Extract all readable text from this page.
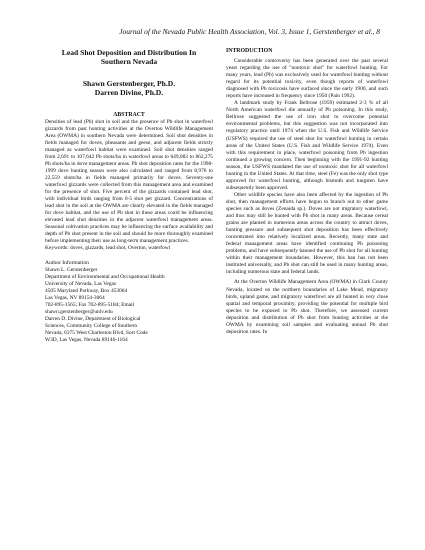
Journal of the Nevada Public Health Association, Vol. 3, Issue 1, Gerstenberger et al., 8
Lead Shot Deposition and Distribution In
Southern Nevada
Shawn Gerstenberger, Ph.D.
Darren Divine, Ph.D.
ABSTRACT

Densities of lead (Pb) shot in soil and the presence of Pb shot in waterfowl gizzards from past hunting activities at the Overton Wildlife Management Area (OWMA) in southern Nevada were determined. Soil shot densities in fields managed for doves, pheasants and geese, and adjacent fields strictly managed as waterfowl habitat were examined. Soil shot densities ranged from 2,691 to 107,642 Pb shots/ha in waterfowl areas to 649,083 to 862,275 Pb shots/ha in dove management areas. Pb shot deposition rates for the 1998-1999 dove hunting season were also calculated and ranged from 8,970 to 22,559 shots/ha in fields managed primarily for doves. Seventy-one waterfowl gizzards were collected from this management area and examined for the presence of shot. Five percent of the gizzards contained lead shot, with individual birds ranging from 0-5 shot per gizzard. Concentrations of lead shot in the soil at the OWMA are clearly elevated in the fields managed for dove habitat, and the use of Pb shot in these areas could be influencing elevated lead shot densities in the adjacent waterfowl management areas. Seasonal cultivation practices may be influencing the surface availability and depth of Pb shot present in the soil and should be more thoroughly examined before implementing their use as long-term management practices.

Keywords: doves, gizzards, lead shot, Overton, waterfowl

Author Information
Shawn L. Gerstenberger
Department of Environmental and Occupational Health
University of Nevada, Las Vegas
4505 Maryland Parkway, Box 453064
Las Vegas, NV 89154-3064
702-895-1565; Fax 702-895-5184; Email
shawn.gerstenberger@unlv.edu
Darren D. Divine, Department of Biological
Sciences, Community College of Southern
Nevada, 6375 West Charleston Blvd, Sort Code
W3D, Las Vegas, Nevada 89146-1164
INTRODUCTION

Considerable controversy has been generated over the past several years regarding the use of "nontoxic shot" for waterfowl hunting. For many years, lead (Pb) was exclusively used for waterfowl hunting without regard for its potential toxicity, even though reports of waterfowl diagnosed with Pb toxicosis have surfaced since the early 1900, and such reports have increased in frequency since 1950 (Pain 1992).

A landmark study by Frank Bellrose (1959) estimated 2-3 % of all North American waterfowl die annually of Pb poisoning. In this study, Bellrose suggested the use of iron shot to overcome potential environmental problems, but this suggestion was not incorporated into regulatory practice until 1974 when the U.S. Fish and Wildlife Service (USFWS) required the use of steel shot for waterfowl hunting in certain areas of the United States (U.S. Fish and Wildlife Service 1974). Even with this requirement in place, waterfowl poisoning from Pb ingestion continued a growing concern. Then beginning with the 1991-92 hunting season, the USFWS mandated the use of nontoxic shot for all waterfowl hunting in the United States. At that time, steel (Fe) was the only shot type approved for waterfowl hunting, although bismuth and tungsten have subsequently been approved.

Other wildlife species have also been affected by the ingestion of Pb shot, then management efforts have begun to branch out to other game species such as doves (Zenaida sp.). Doves are not migratory waterfowl, and thus may still be hunted with Pb shot in many areas. Because cereal grains are planted in numerous areas across the country to attract doves, hunting pressure and subsequent shot deposition has been effectively concentrated into relatively localized areas. Recently, many state and federal management areas have identified continuing Pb poisoning problems, and have subsequently banned the use of Pb shot for all hunting within their management boundaries. However, this ban has not been instituted universally, and Pb shot can still be used in many hunting areas, including numerous state and federal lands.

At the Overton Wildlife Management Area (OWMA) in Clark County Nevada, located on the northern boundaries of Lake Mead, migratory birds, upland game, and migratory waterfowl are all hunted in very close spatial and temporal proximity, providing the potential for multiple bird species to be exposed to Pb shot. Therefore, we assessed current deposition and distribution of Pb shot from hunting activities at the OWMA by examining soil samples and evaluating annual Pb shot deposition rates. In
